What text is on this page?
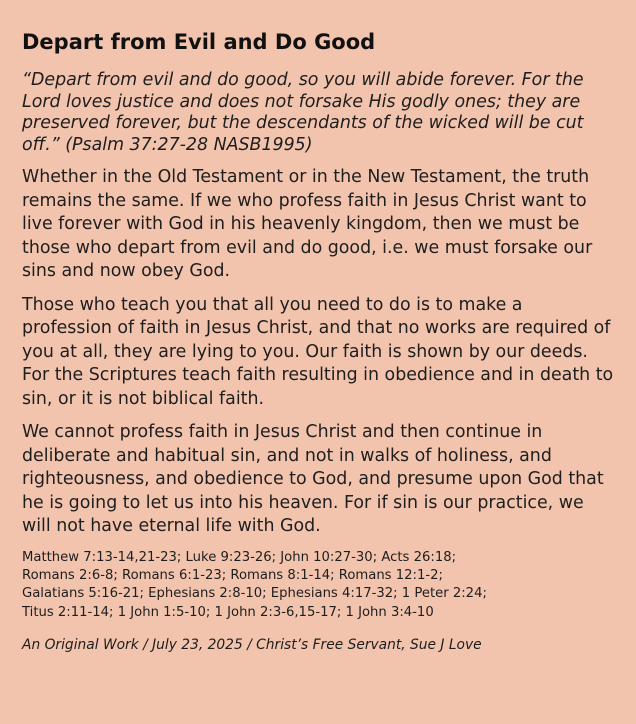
Depart from Evil and Do Good

“Depart from evil and do good, so you will abide forever. For the Lord loves justice and does not forsake His godly ones; they are preserved forever, but the descendants of the wicked will be cut off.” (Psalm 37:27-28 NASB1995)

Whether in the Old Testament or in the New Testament, the truth remains the same. If we who profess faith in Jesus Christ want to live forever with God in his heavenly kingdom, then we must be those who depart from evil and do good, i.e. we must forsake our sins and now obey God.

Those who teach you that all you need to do is to make a profession of faith in Jesus Christ, and that no works are required of you at all, they are lying to you. Our faith is shown by our deeds. For the Scriptures teach faith resulting in obedience and in death to sin, or it is not biblical faith.

We cannot profess faith in Jesus Christ and then continue in deliberate and habitual sin, and not in walks of holiness, and righteousness, and obedience to God, and presume upon God that he is going to let us into his heaven. For if sin is our practice, we will not have eternal life with God.

Matthew 7:13-14,21-23; Luke 9:23-26; John 10:27-30; Acts 26:18;
Romans 2:6-8; Romans 6:1-23; Romans 8:1-14; Romans 12:1-2;
Galatians 5:16-21; Ephesians 2:8-10; Ephesians 4:17-32; 1 Peter 2:24;
Titus 2:11-14; 1 John 1:5-10; 1 John 2:3-6,15-17; 1 John 3:4-10

An Original Work / July 23, 2025 / Christ’s Free Servant, Sue J Love
